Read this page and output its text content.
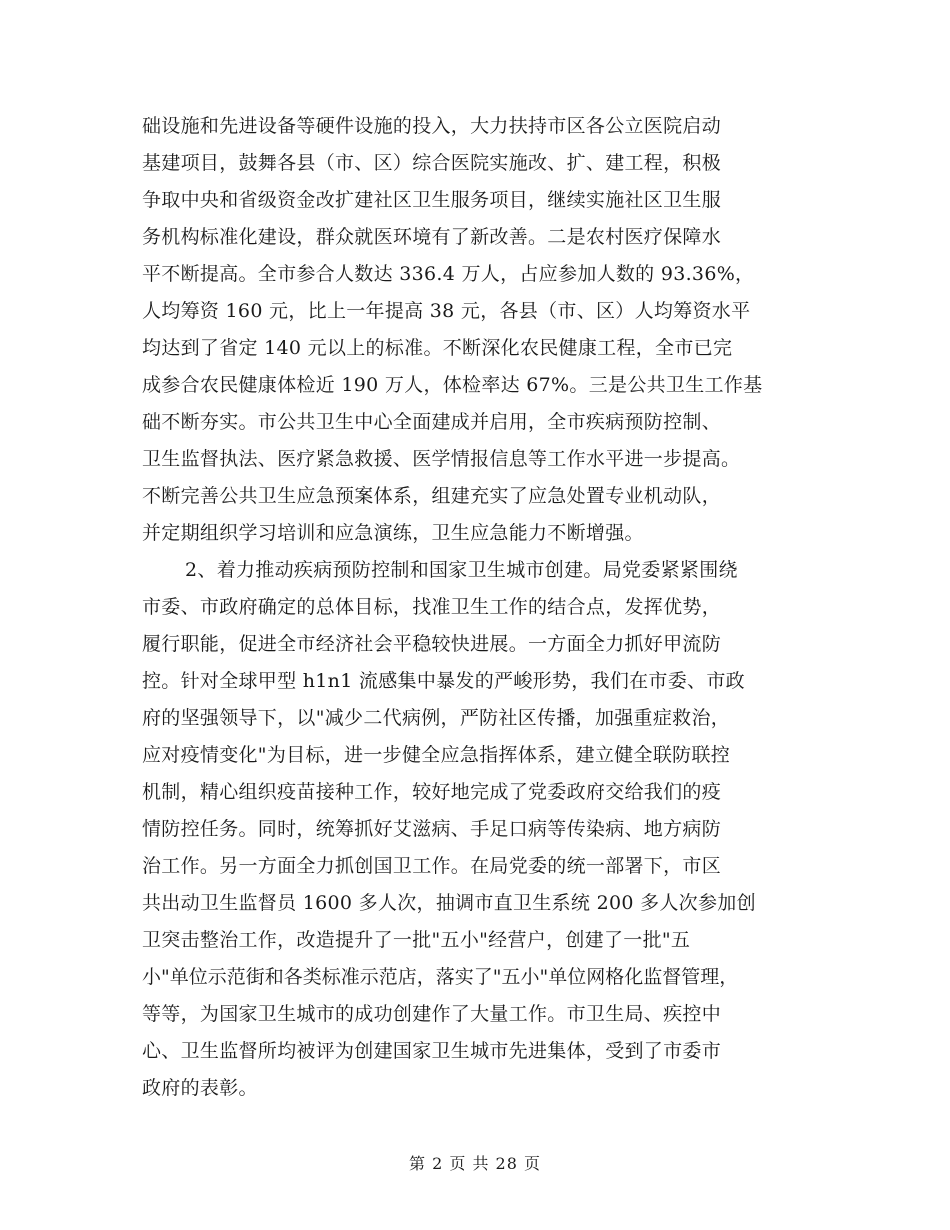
础设施和先进设备等硬件设施的投入，大力扶持市区各公立医院启动
基建项目，鼓舞各县（市、区）综合医院实施改、扩、建工程，积极
争取中央和省级资金改扩建社区卫生服务项目，继续实施社区卫生服
务机构标准化建设，群众就医环境有了新改善。二是农村医疗保障水
平不断提高。全市参合人数达 336.4 万人，占应参加人数的 93.36%，
人均筹资 160 元，比上一年提高 38 元，各县（市、区）人均筹资水平
均达到了省定 140 元以上的标准。不断深化农民健康工程，全市已完
成参合农民健康体检近 190 万人，体检率达 67%。三是公共卫生工作基
础不断夯实。市公共卫生中心全面建成并启用，全市疾病预防控制、
卫生监督执法、医疗紧急救援、医学情报信息等工作水平进一步提高。
不断完善公共卫生应急预案体系，组建充实了应急处置专业机动队，
并定期组织学习培训和应急演练，卫生应急能力不断增强。
2、着力推动疾病预防控制和国家卫生城市创建。局党委紧紧围绕
市委、市政府确定的总体目标，找准卫生工作的结合点，发挥优势，
履行职能，促进全市经济社会平稳较快进展。一方面全力抓好甲流防
控。针对全球甲型 h1n1 流感集中暴发的严峻形势，我们在市委、市政
府的坚强领导下，以"减少二代病例，严防社区传播，加强重症救治，
应对疫情变化"为目标，进一步健全应急指挥体系，建立健全联防联控
机制，精心组织疫苗接种工作，较好地完成了党委政府交给我们的疫
情防控任务。同时，统筹抓好艾滋病、手足口病等传染病、地方病防
治工作。另一方面全力抓创国卫工作。在局党委的统一部署下，市区
共出动卫生监督员 1600 多人次，抽调市直卫生系统 200 多人次参加创
卫突击整治工作，改造提升了一批"五小"经营户，创建了一批"五
小"单位示范街和各类标准示范店，落实了"五小"单位网格化监督管理，
等等，为国家卫生城市的成功创建作了大量工作。市卫生局、疾控中
心、卫生监督所均被评为创建国家卫生城市先进集体，受到了市委市
政府的表彰。
第 2 页 共 28 页
